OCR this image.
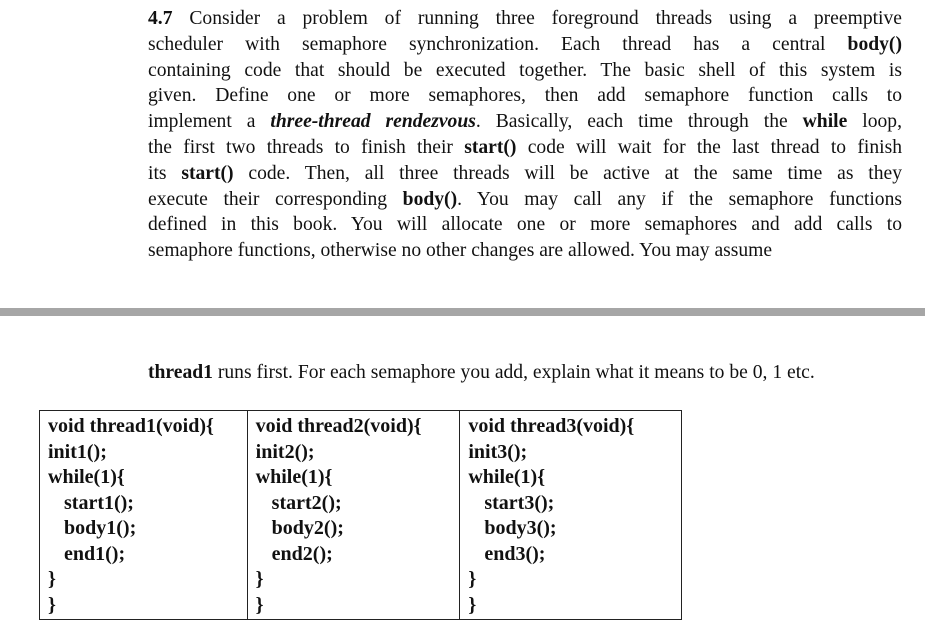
4.7 Consider a problem of running three foreground threads using a preemptive
scheduler with semaphore synchronization. Each thread has a central body()
containing code that should be executed together. The basic shell of this system is
given. Define one or more semaphores, then add semaphore function calls to
implement a three-thread rendezvous. Basically, each time through the while loop,
the first two threads to finish their start() code will wait for the last thread to finish
its start() code. Then, all three threads will be active at the same time as they
execute their corresponding body(). You may call any if the semaphore functions
defined in this book. You will allocate one or more semaphores and add calls to
semaphore functions, otherwise no other changes are allowed. You may assume
thread1 runs first. For each semaphore you add, explain what it means to be 0, 1 etc.
void thread1(void){
init1();
while(1){
start1();
body1();
end1();
}
}
void thread2(void){
init2();
while(1){
start2();
body2();
end2();
}
}
void thread3(void){
init3();
while(1){
start3();
body3();
end3();
}
}
